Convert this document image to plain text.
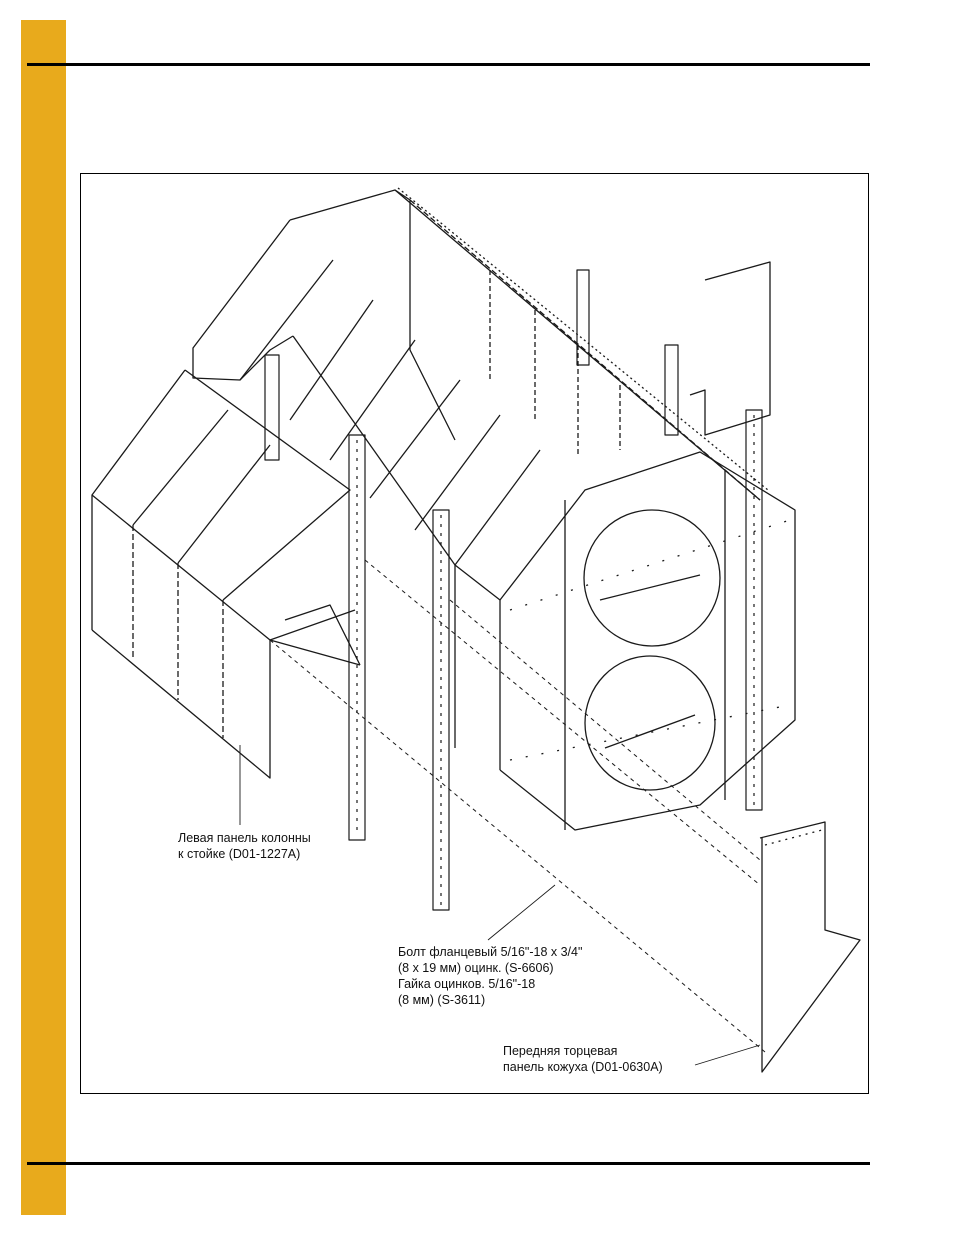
Левая панель колонны
к стойке (D01-1227A)
Болт фланцевый 5/16"-18 x 3/4"
(8 x 19 мм) оцинк. (S-6606)
Гайка оцинков. 5/16"-18
(8 мм) (S-3611)
Передняя торцевая
панель кожуха (D01-0630A)
